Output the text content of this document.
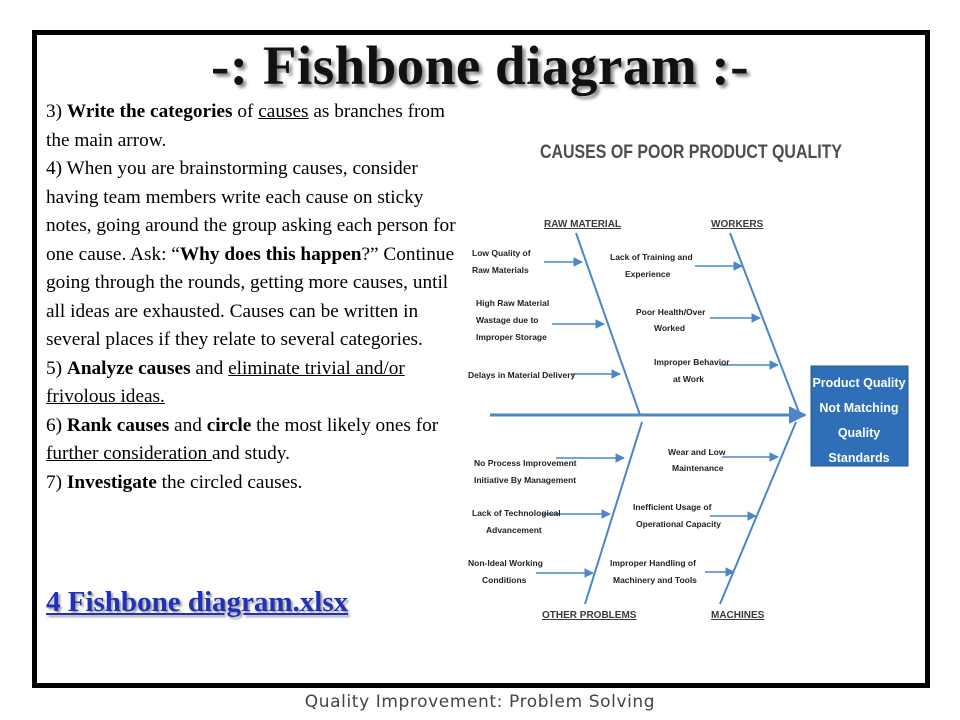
-: Fishbone diagram :-

3) Write the categories of causes as branches from the main arrow.

4) When you are brainstorming causes, consider having team members write each cause on sticky notes, going around the group asking each person for one cause. Ask: “Why does this happen?” Continue going through the rounds, getting more causes, until all ideas are exhausted. Causes can be written in several places if they relate to several categories.

5) Analyze causes and eliminate trivial and/or frivolous ideas.

6) Rank causes and circle the most likely ones for further consideration and study.

7) Investigate the circled causes.

4 Fishbone diagram.xlsx
CAUSES OF POOR PRODUCT QUALITY
RAW MATERIAL	WORKERS
OTHER PROBLEMS	MACHINES
Product Quality
Not Matching
Quality
Standards
Low Quality of Raw Materials
High Raw Material Wastage due to Improper Storage
Delays in Material Delivery
Lack of Training and Experience
Poor Health/Over Worked
Improper Behavior at Work
No Process Improvement Initiative By Management
Lack of Technological Advancement
Non-Ideal Working Conditions
Wear and Low Maintenance
Inefficient Usage of Operational Capacity
Improper Handling of Machinery and Tools
Quality Improvement: Problem Solving
